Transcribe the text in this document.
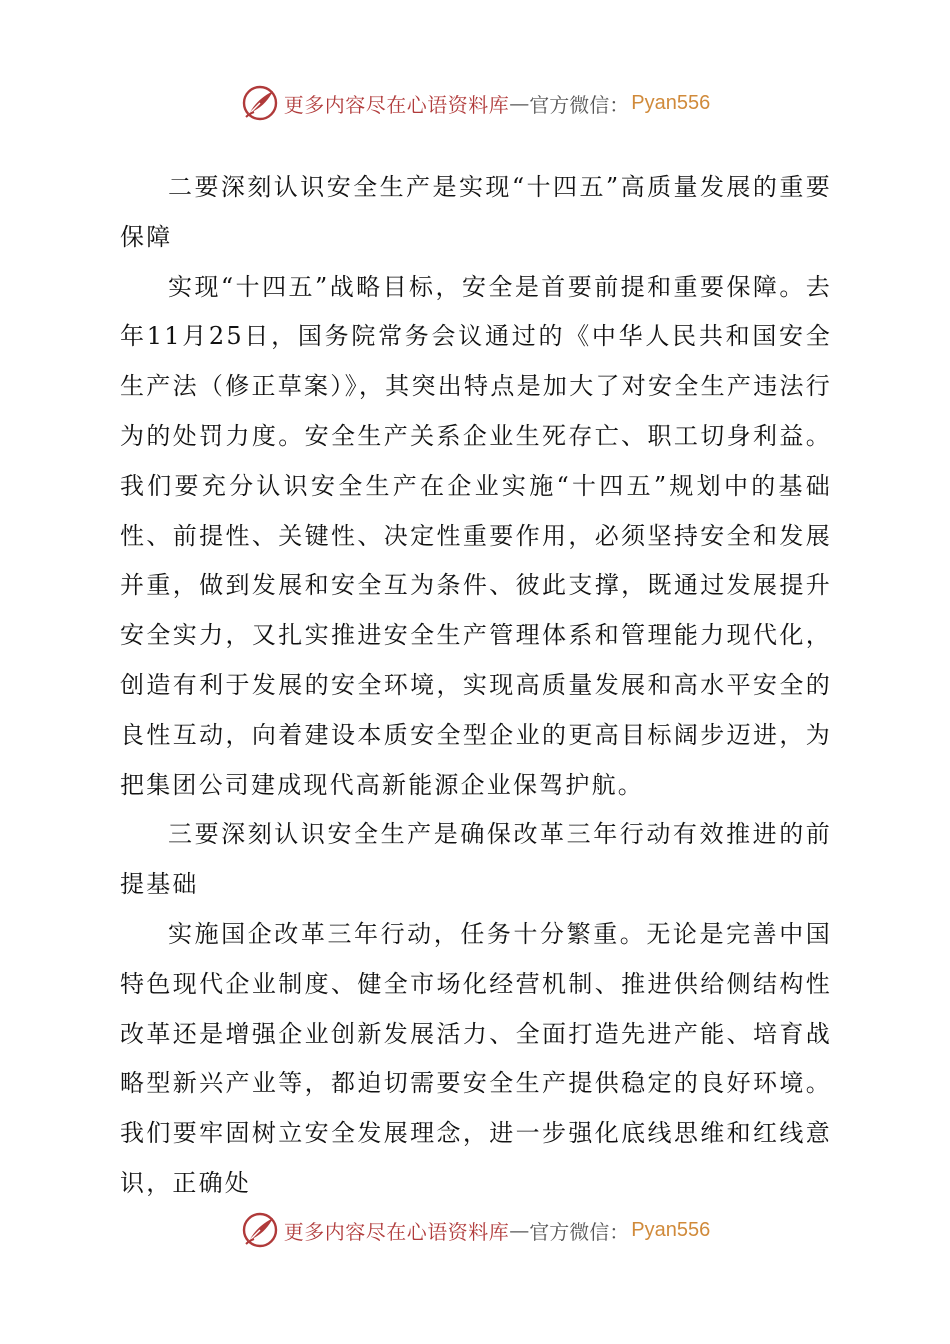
更多内容尽在心语资料库 — 官方微信： Pyan556

二要深刻认识安全生产是实现“十四五”高质量发展的重要保障

实现“十四五”战略目标，安全是首要前提和重要保障。去年11月25日，国务院常务会议通过的《中华人民共和国安全生产法（修正草案）》，其突出特点是加大了对安全生产违法行为的处罚力度。安全生产关系企业生死存亡、职工切身利益。我们要充分认识安全生产在企业实施“十四五”规划中的基础性、前提性、关键性、决定性重要作用，必须坚持安全和发展并重，做到发展和安全互为条件、彼此支撑，既通过发展提升安全实力，又扎实推进安全生产管理体系和管理能力现代化，创造有利于发展的安全环境，实现高质量发展和高水平安全的良性互动，向着建设本质安全型企业的更高目标阔步迈进，为把集团公司建成现代高新能源企业保驾护航。

三要深刻认识安全生产是确保改革三年行动有效推进的前提基础

实施国企改革三年行动，任务十分繁重。无论是完善中国特色现代企业制度、健全市场化经营机制、推进供给侧结构性改革还是增强企业创新发展活力、全面打造先进产能、培育战略型新兴产业等，都迫切需要安全生产提供稳定的良好环境。我们要牢固树立安全发展理念，进一步强化底线思维和红线意识，正确处

更多内容尽在心语资料库 — 官方微信： Pyan556
